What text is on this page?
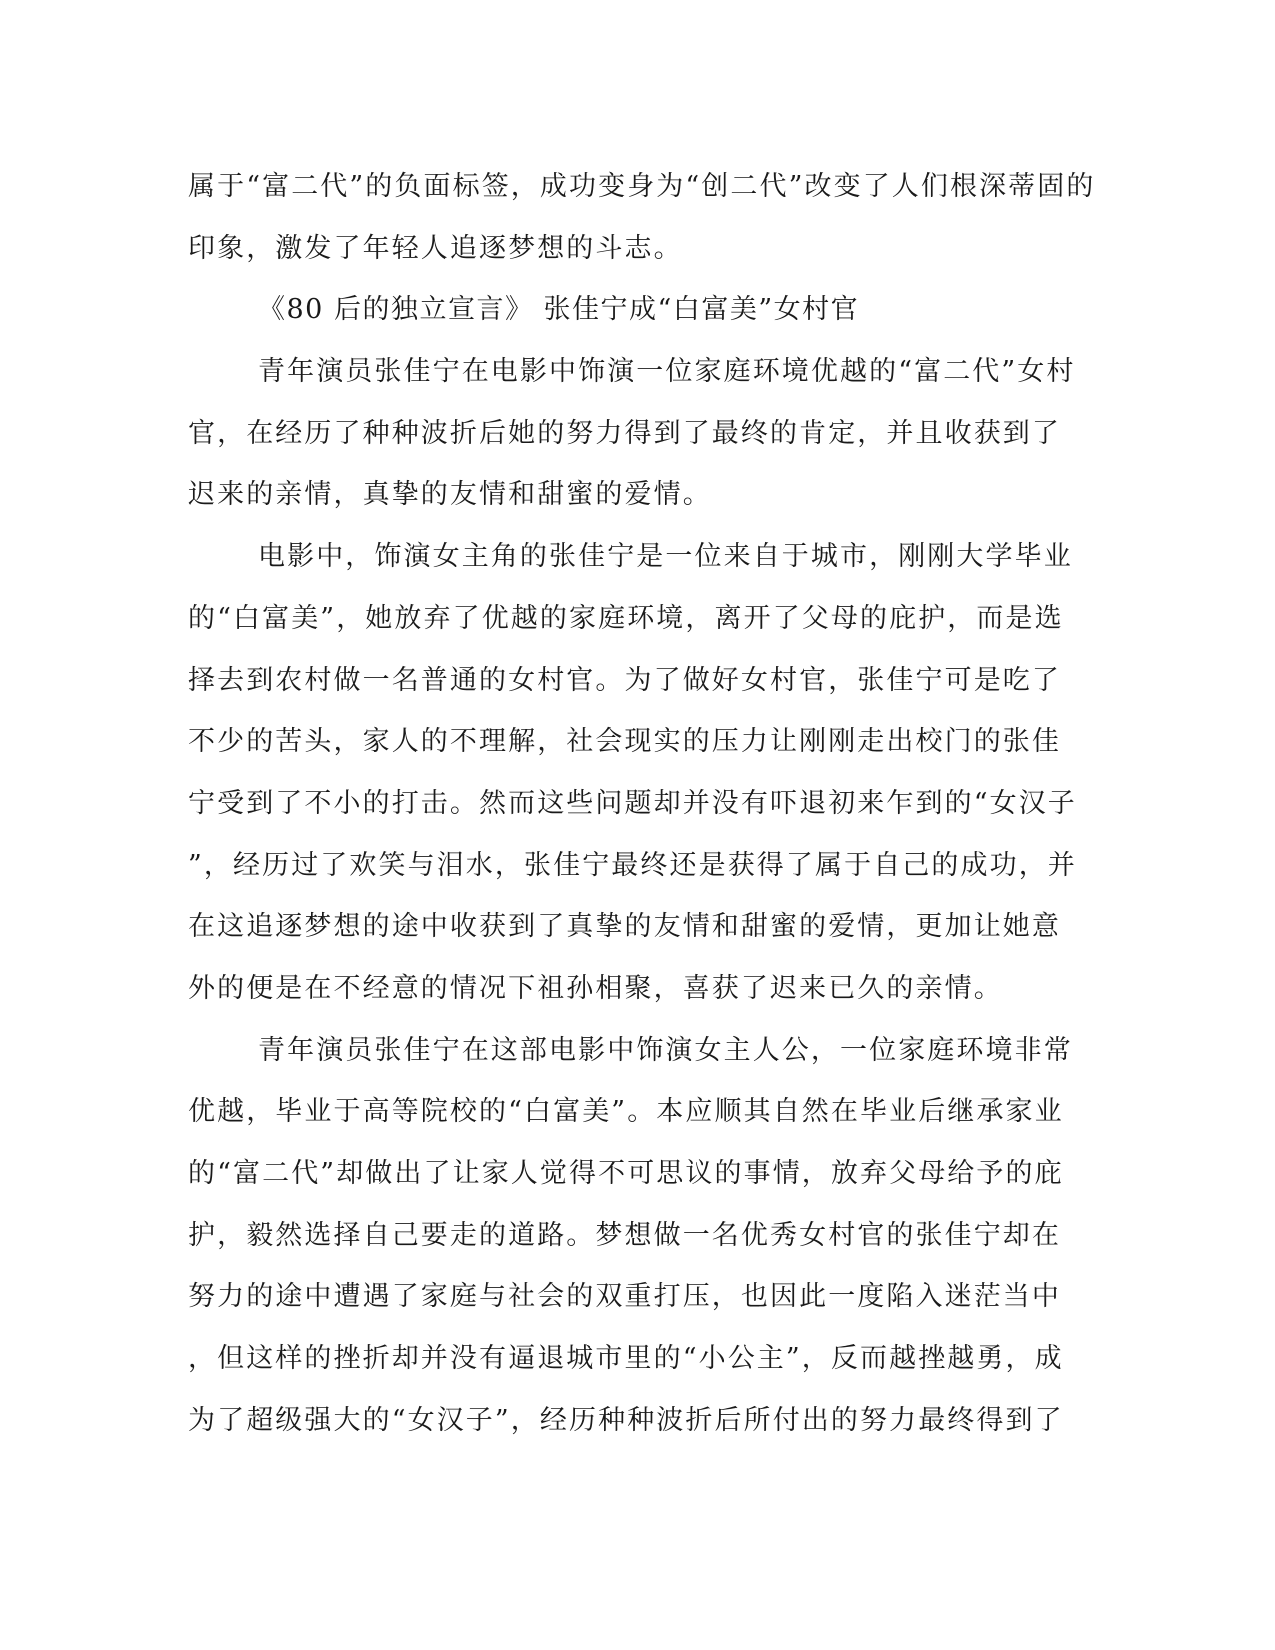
属于“富二代”的负面标签，成功变身为“创二代”改变了人们根深蒂固的
印象，激发了年轻人追逐梦想的斗志。
《80 后的独立宣言》 张佳宁成“白富美”女村官
青年演员张佳宁在电影中饰演一位家庭环境优越的“富二代”女村
官，在经历了种种波折后她的努力得到了最终的肯定，并且收获到了
迟来的亲情，真挚的友情和甜蜜的爱情。
电影中，饰演女主角的张佳宁是一位来自于城市，刚刚大学毕业
的“白富美”，她放弃了优越的家庭环境，离开了父母的庇护，而是选
择去到农村做一名普通的女村官。为了做好女村官，张佳宁可是吃了
不少的苦头，家人的不理解，社会现实的压力让刚刚走出校门的张佳
宁受到了不小的打击。然而这些问题却并没有吓退初来乍到的“女汉子
”，经历过了欢笑与泪水，张佳宁最终还是获得了属于自己的成功，并
在这追逐梦想的途中收获到了真挚的友情和甜蜜的爱情，更加让她意
外的便是在不经意的情况下祖孙相聚，喜获了迟来已久的亲情。
青年演员张佳宁在这部电影中饰演女主人公，一位家庭环境非常
优越，毕业于高等院校的“白富美”。本应顺其自然在毕业后继承家业
的“富二代”却做出了让家人觉得不可思议的事情，放弃父母给予的庇
护，毅然选择自己要走的道路。梦想做一名优秀女村官的张佳宁却在
努力的途中遭遇了家庭与社会的双重打压，也因此一度陷入迷茫当中
，但这样的挫折却并没有逼退城市里的“小公主”，反而越挫越勇，成
为了超级强大的“女汉子”，经历种种波折后所付出的努力最终得到了
